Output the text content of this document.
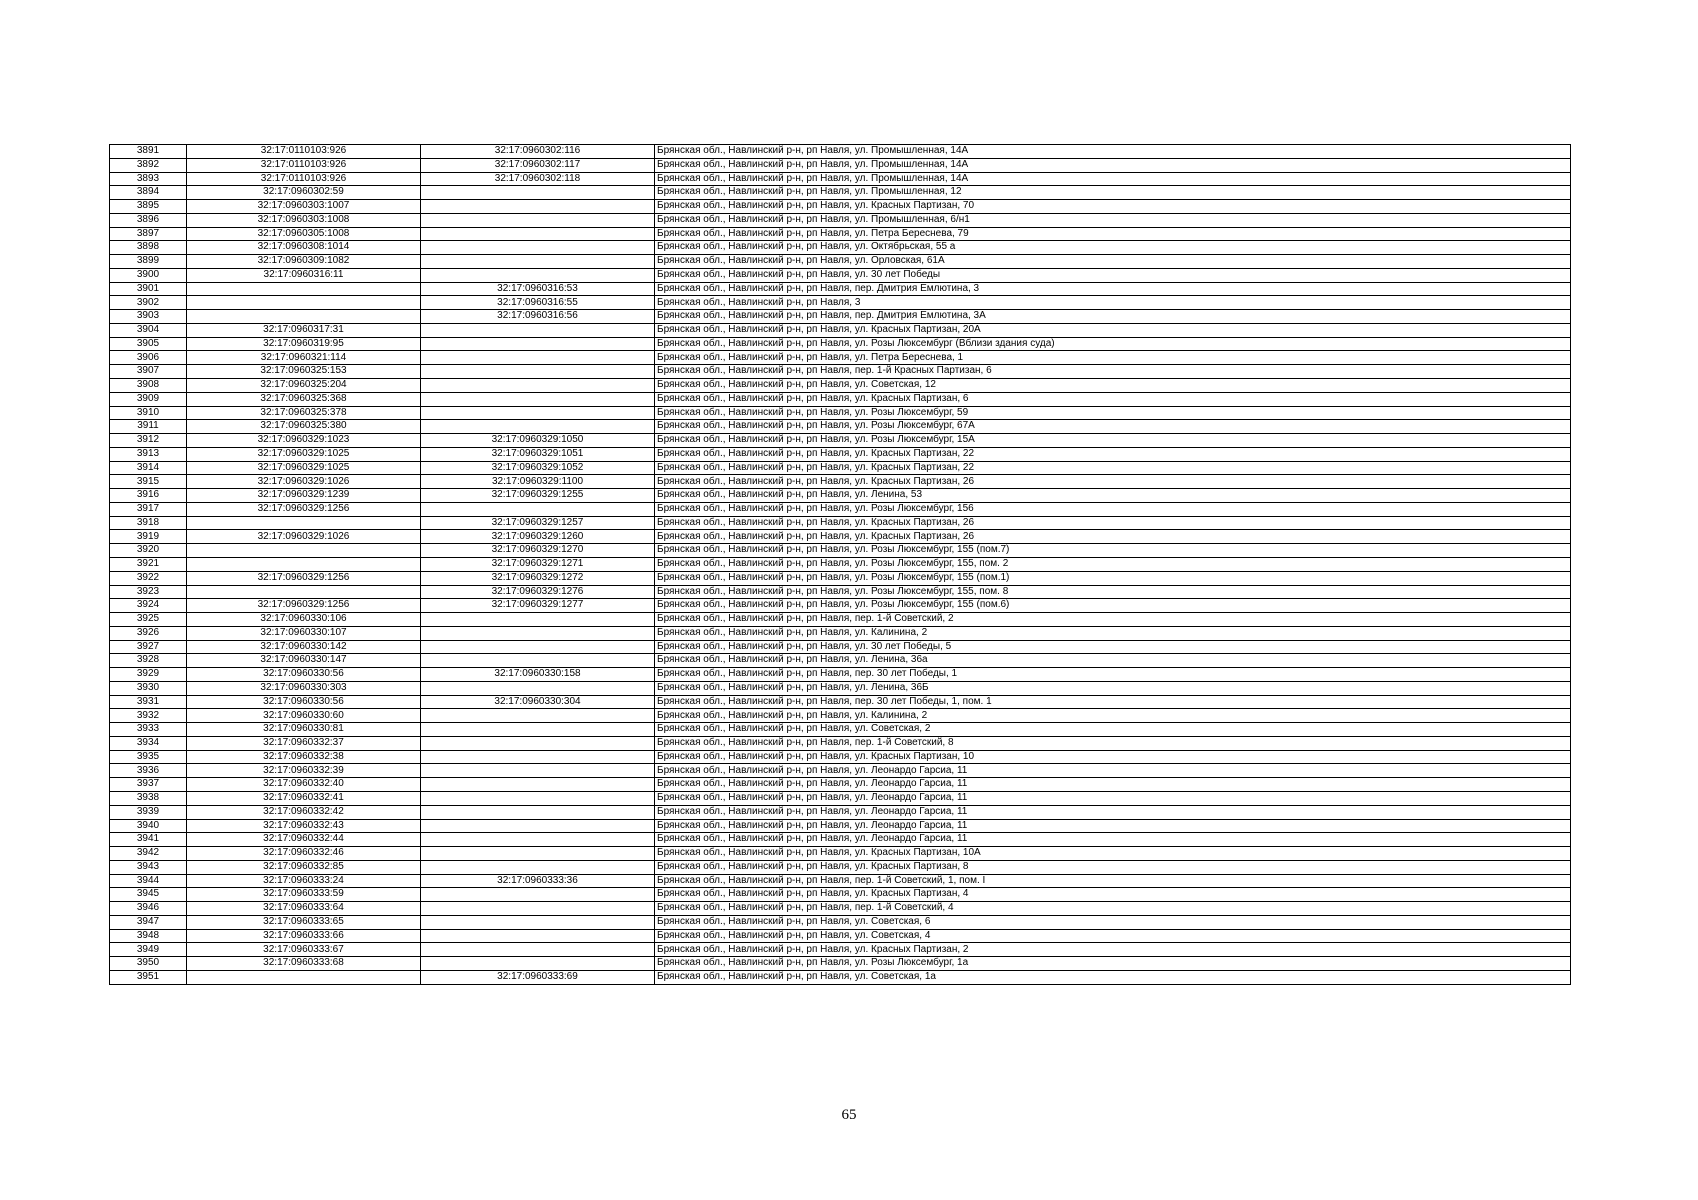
3891	32:17:0110103:926	32:17:0960302:116	Брянская обл., Навлинский р-н, рп Навля, ул. Промышленная, 14А
3892	32:17:0110103:926	32:17:0960302:117	Брянская обл., Навлинский р-н, рп Навля, ул. Промышленная, 14А
3893	32:17:0110103:926	32:17:0960302:118	Брянская обл., Навлинский р-н, рп Навля, ул. Промышленная, 14А
3894	32:17:0960302:59		Брянская обл., Навлинский р-н, рп Навля, ул. Промышленная, 12
3895	32:17:0960303:1007		Брянская обл., Навлинский р-н, рп Навля, ул. Красных Партизан, 70
3896	32:17:0960303:1008		Брянская обл., Навлинский р-н, рп Навля, ул. Промышленная, 6/н1
3897	32:17:0960305:1008		Брянская обл., Навлинский р-н, рп Навля, ул. Петра Береснева, 79
3898	32:17:0960308:1014		Брянская обл., Навлинский р-н, рп Навля, ул. Октябрьская, 55 а
3899	32:17:0960309:1082		Брянская обл., Навлинский р-н, рп Навля, ул. Орловская, 61А
3900	32:17:0960316:11		Брянская обл., Навлинский р-н, рп Навля, ул. 30 лет Победы
3901		32:17:0960316:53	Брянская обл., Навлинский р-н, рп Навля, пер. Дмитрия Емлютина, 3
3902		32:17:0960316:55	Брянская обл., Навлинский р-н, рп Навля, 3
3903		32:17:0960316:56	Брянская обл., Навлинский р-н, рп Навля, пер. Дмитрия Емлютина, 3А
3904	32:17:0960317:31		Брянская обл., Навлинский р-н, рп Навля, ул. Красных Партизан, 20А
3905	32:17:0960319:95		Брянская обл., Навлинский р-н, рп Навля, ул. Розы Люксембург (Вблизи здания суда)
3906	32:17:0960321:114		Брянская обл., Навлинский р-н, рп Навля, ул. Петра Береснева, 1
3907	32:17:0960325:153		Брянская обл., Навлинский р-н, рп Навля, пер. 1-й Красных Партизан, 6
3908	32:17:0960325:204		Брянская обл., Навлинский р-н, рп Навля, ул. Советская, 12
3909	32:17:0960325:368		Брянская обл., Навлинский р-н, рп Навля, ул. Красных Партизан, 6
3910	32:17:0960325:378		Брянская обл., Навлинский р-н, рп Навля, ул. Розы Люксембург, 59
3911	32:17:0960325:380		Брянская обл., Навлинский р-н, рп Навля, ул. Розы Люксембург, 67А
3912	32:17:0960329:1023	32:17:0960329:1050	Брянская обл., Навлинский р-н, рп Навля, ул. Розы Люксембург, 15А
3913	32:17:0960329:1025	32:17:0960329:1051	Брянская обл., Навлинский р-н, рп Навля, ул. Красных Партизан, 22
3914	32:17:0960329:1025	32:17:0960329:1052	Брянская обл., Навлинский р-н, рп Навля, ул. Красных Партизан, 22
3915	32:17:0960329:1026	32:17:0960329:1100	Брянская обл., Навлинский р-н, рп Навля, ул. Красных Партизан, 26
3916	32:17:0960329:1239	32:17:0960329:1255	Брянская обл., Навлинский р-н, рп Навля, ул. Ленина, 53
3917	32:17:0960329:1256		Брянская обл., Навлинский р-н, рп Навля, ул. Розы Люксембург, 156
3918		32:17:0960329:1257	Брянская обл., Навлинский р-н, рп Навля, ул. Красных Партизан, 26
3919	32:17:0960329:1026	32:17:0960329:1260	Брянская обл., Навлинский р-н, рп Навля, ул. Красных Партизан, 26
3920		32:17:0960329:1270	Брянская обл., Навлинский р-н, рп Навля, ул. Розы Люксембург, 155 (пом.7)
3921		32:17:0960329:1271	Брянская обл., Навлинский р-н, рп Навля, ул. Розы Люксембург, 155, пом. 2
3922	32:17:0960329:1256	32:17:0960329:1272	Брянская обл., Навлинский р-н, рп Навля, ул. Розы Люксембург, 155 (пом.1)
3923		32:17:0960329:1276	Брянская обл., Навлинский р-н, рп Навля, ул. Розы Люксембург, 155, пом. 8
3924	32:17:0960329:1256	32:17:0960329:1277	Брянская обл., Навлинский р-н, рп Навля, ул. Розы Люксембург, 155 (пом.6)
3925	32:17:0960330:106		Брянская обл., Навлинский р-н, рп Навля, пер. 1-й Советский, 2
3926	32:17:0960330:107		Брянская обл., Навлинский р-н, рп Навля, ул. Калинина, 2
3927	32:17:0960330:142		Брянская обл., Навлинский р-н, рп Навля, ул. 30 лет Победы, 5
3928	32:17:0960330:147		Брянская обл., Навлинский р-н, рп Навля, ул. Ленина, 36а
3929	32:17:0960330:56	32:17:0960330:158	Брянская обл., Навлинский р-н, рп Навля, пер. 30 лет Победы, 1
3930	32:17:0960330:303		Брянская обл., Навлинский р-н, рп Навля, ул. Ленина, 36Б
3931	32:17:0960330:56	32:17:0960330:304	Брянская обл., Навлинский р-н, рп Навля, пер. 30 лет Победы, 1, пом. 1
3932	32:17:0960330:60		Брянская обл., Навлинский р-н, рп Навля, ул. Калинина, 2
3933	32:17:0960330:81		Брянская обл., Навлинский р-н, рп Навля, ул. Советская, 2
3934	32:17:0960332:37		Брянская обл., Навлинский р-н, рп Навля, пер. 1-й Советский, 8
3935	32:17:0960332:38		Брянская обл., Навлинский р-н, рп Навля, ул. Красных Партизан, 10
3936	32:17:0960332:39		Брянская обл., Навлинский р-н, рп Навля, ул. Леонардо Гарсиа, 11
3937	32:17:0960332:40		Брянская обл., Навлинский р-н, рп Навля, ул. Леонардо Гарсиа, 11
3938	32:17:0960332:41		Брянская обл., Навлинский р-н, рп Навля, ул. Леонардо Гарсиа, 11
3939	32:17:0960332:42		Брянская обл., Навлинский р-н, рп Навля, ул. Леонардо Гарсиа, 11
3940	32:17:0960332:43		Брянская обл., Навлинский р-н, рп Навля, ул. Леонардо Гарсиа, 11
3941	32:17:0960332:44		Брянская обл., Навлинский р-н, рп Навля, ул. Леонардо Гарсиа, 11
3942	32:17:0960332:46		Брянская обл., Навлинский р-н, рп Навля, ул. Красных Партизан, 10А
3943	32:17:0960332:85		Брянская обл., Навлинский р-н, рп Навля, ул. Красных Партизан, 8
3944	32:17:0960333:24	32:17:0960333:36	Брянская обл., Навлинский р-н, рп Навля, пер. 1-й Советский, 1, пом. I
3945	32:17:0960333:59		Брянская обл., Навлинский р-н, рп Навля, ул. Красных Партизан, 4
3946	32:17:0960333:64		Брянская обл., Навлинский р-н, рп Навля, пер. 1-й Советский, 4
3947	32:17:0960333:65		Брянская обл., Навлинский р-н, рп Навля, ул. Советская, 6
3948	32:17:0960333:66		Брянская обл., Навлинский р-н, рп Навля, ул. Советская, 4
3949	32:17:0960333:67		Брянская обл., Навлинский р-н, рп Навля, ул. Красных Партизан, 2
3950	32:17:0960333:68		Брянская обл., Навлинский р-н, рп Навля, ул. Розы Люксембург, 1а
3951		32:17:0960333:69	Брянская обл., Навлинский р-н, рп Навля, ул. Советская, 1а
65
